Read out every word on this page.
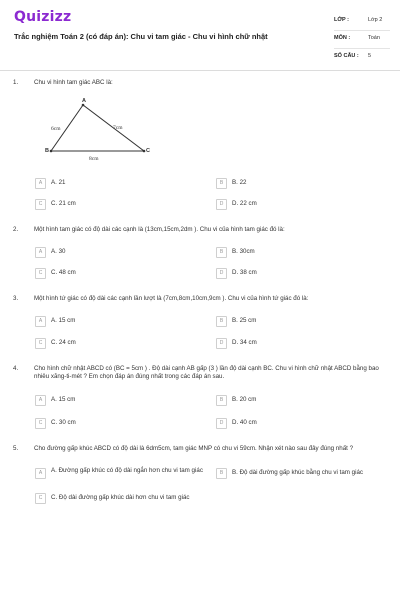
Quizizz
Trắc nghiệm Toán 2 (có đáp án): Chu vi tam giác - Chu vi hình chữ nhật
LỚP :	Lớp 2
MÔN :	Toán
SỐ CÂU : 5
1.	Chu vi hình tam giác ABC là:
A
B	C
6cm	7cm
8cm
A	A. 21	B	B. 22
C	C. 21 cm	D	D. 22 cm
2.	Một hình tam giác có độ dài các cạnh là (13cm,15cm,2dm ). Chu vi của hình tam giác đó là:
A	A. 30	B	B. 30cm
C	C. 48 cm	D	D. 38 cm
3.	Một hình tứ giác có độ dài các cạnh lần lượt là (7cm,8cm,10cm,9cm ). Chu vi của hình tứ giác đó là:
A	A. 15 cm	B	B. 25 cm
C	C. 24 cm	D	D. 34 cm
4.	Cho hình chữ nhật ABCD có (BC = 5cm ) . Độ dài cạnh AB gấp (3 ) lần độ dài cạnh BC. Chu vi hình chữ nhật ABCD bằng bao nhiêu xăng-ti-mét ? Em chọn đáp án đúng nhất trong các đáp án sau.
A	A. 15 cm	B	B. 20 cm
C	C. 30 cm	D	D. 40 cm
5.	Cho đường gấp khúc ABCD có độ dài là 6dm5cm, tam giác MNP có chu vi 59cm. Nhận xét nào sau đây đúng nhất ?
A	A. Đường gấp khúc có độ dài ngắn hơn chu vi tam giác	B	B. Độ dài đường gấp khúc bằng chu vi tam giác
C	C. Độ dài đường gấp khúc dài hơn chu vi tam giác
